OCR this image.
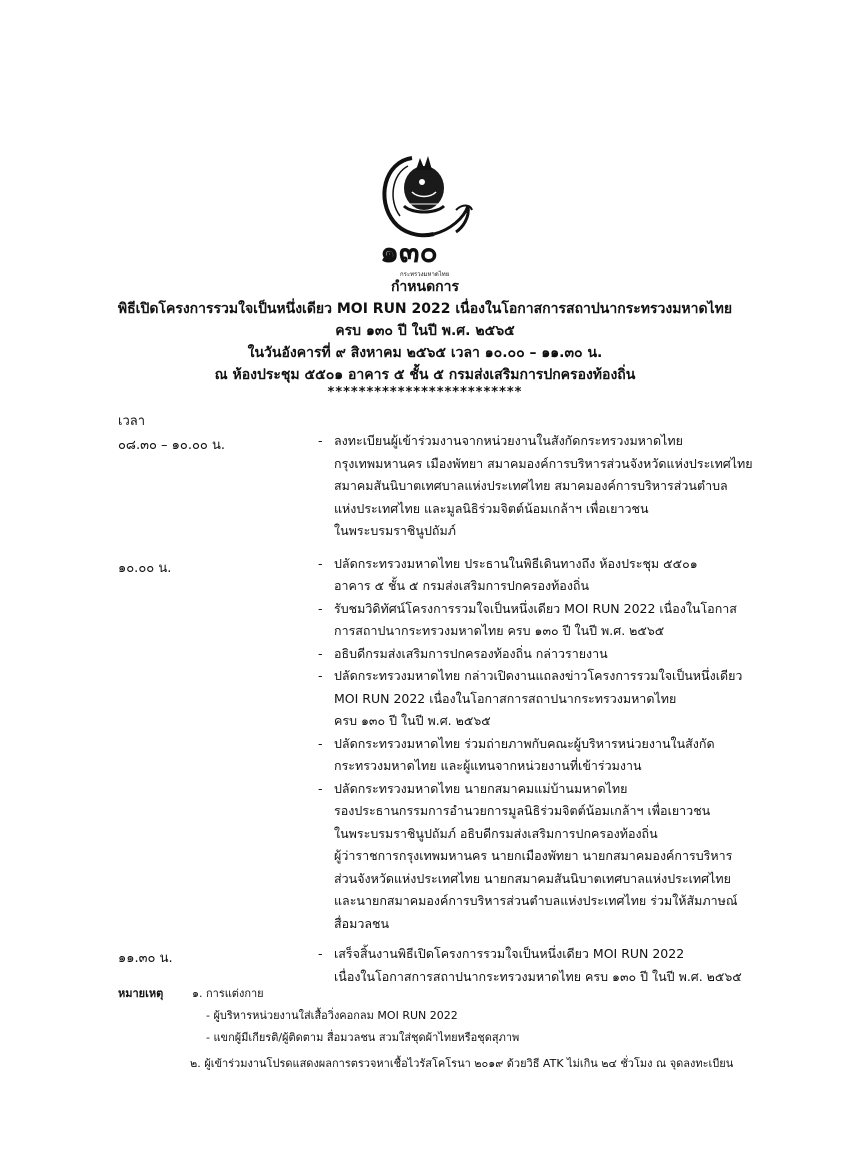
๑๓๐
กระทรวงมหาดไทย
กำหนดการ
พิธีเปิดโครงการรวมใจเป็นหนึ่งเดียว MOI RUN 2022 เนื่องในโอกาสการสถาปนากระทรวงมหาดไทย
ครบ ๑๓๐ ปี ในปี พ.ศ. ๒๕๖๕
ในวันอังคารที่ ๙ สิงหาคม ๒๕๖๕ เวลา ๑๐.๐๐ – ๑๑.๓๐ น.
ณ ห้องประชุม ๕๕๐๑ อาคาร ๕ ชั้น ๕ กรมส่งเสริมการปกครองท้องถิ่น
*************************
เวลา
๐๘.๓๐ – ๑๐.๐๐ น.	- ลงทะเบียนผู้เข้าร่วมงานจากหน่วยงานในสังกัดกระทรวงมหาดไทย
กรุงเทพมหานคร เมืองพัทยา สมาคมองค์การบริหารส่วนจังหวัดแห่งประเทศไทย
สมาคมสันนิบาตเทศบาลแห่งประเทศไทย สมาคมองค์การบริหารส่วนตำบล
แห่งประเทศไทย และมูลนิธิร่วมจิตต์น้อมเกล้าฯ เพื่อเยาวชน
ในพระบรมราชินูปถัมภ์
๑๐.๐๐ น.	- ปลัดกระทรวงมหาดไทย ประธานในพิธีเดินทางถึง ห้องประชุม ๕๕๐๑
อาคาร ๕ ชั้น ๕ กรมส่งเสริมการปกครองท้องถิ่น
- รับชมวิดิทัศน์โครงการรวมใจเป็นหนึ่งเดียว MOI RUN 2022 เนื่องในโอกาส
การสถาปนากระทรวงมหาดไทย ครบ ๑๓๐ ปี ในปี พ.ศ. ๒๕๖๕
- อธิบดีกรมส่งเสริมการปกครองท้องถิ่น กล่าวรายงาน
- ปลัดกระทรวงมหาดไทย กล่าวเปิดงานแถลงข่าวโครงการรวมใจเป็นหนึ่งเดียว
MOI RUN 2022 เนื่องในโอกาสการสถาปนากระทรวงมหาดไทย
ครบ ๑๓๐ ปี ในปี พ.ศ. ๒๕๖๕
- ปลัดกระทรวงมหาดไทย ร่วมถ่ายภาพกับคณะผู้บริหารหน่วยงานในสังกัด
กระทรวงมหาดไทย และผู้แทนจากหน่วยงานที่เข้าร่วมงาน
- ปลัดกระทรวงมหาดไทย นายกสมาคมแม่บ้านมหาดไทย
รองประธานกรรมการอำนวยการมูลนิธิร่วมจิตต์น้อมเกล้าฯ เพื่อเยาวชน
ในพระบรมราชินูปถัมภ์ อธิบดีกรมส่งเสริมการปกครองท้องถิ่น
ผู้ว่าราชการกรุงเทพมหานคร นายกเมืองพัทยา นายกสมาคมองค์การบริหาร
ส่วนจังหวัดแห่งประเทศไทย นายกสมาคมสันนิบาตเทศบาลแห่งประเทศไทย
และนายกสมาคมองค์การบริหารส่วนตำบลแห่งประเทศไทย ร่วมให้สัมภาษณ์
สื่อมวลชน
๑๑.๓๐ น.	- เสร็จสิ้นงานพิธีเปิดโครงการรวมใจเป็นหนึ่งเดียว MOI RUN 2022
เนื่องในโอกาสการสถาปนากระทรวงมหาดไทย ครบ ๑๓๐ ปี ในปี พ.ศ. ๒๕๖๕
หมายเหตุ	๑. การแต่งกาย
- ผู้บริหารหน่วยงานใส่เสื้อวิ่งคอกลม MOI RUN 2022
- แขกผู้มีเกียรติ/ผู้ติดตาม สื่อมวลชน สวมใส่ชุดผ้าไทยหรือชุดสุภาพ
๒. ผู้เข้าร่วมงานโปรดแสดงผลการตรวจหาเชื้อไวรัสโคโรนา ๒๐๑๙ ด้วยวิธี ATK ไม่เกิน ๒๔ ชั่วโมง ณ จุดลงทะเบียน
